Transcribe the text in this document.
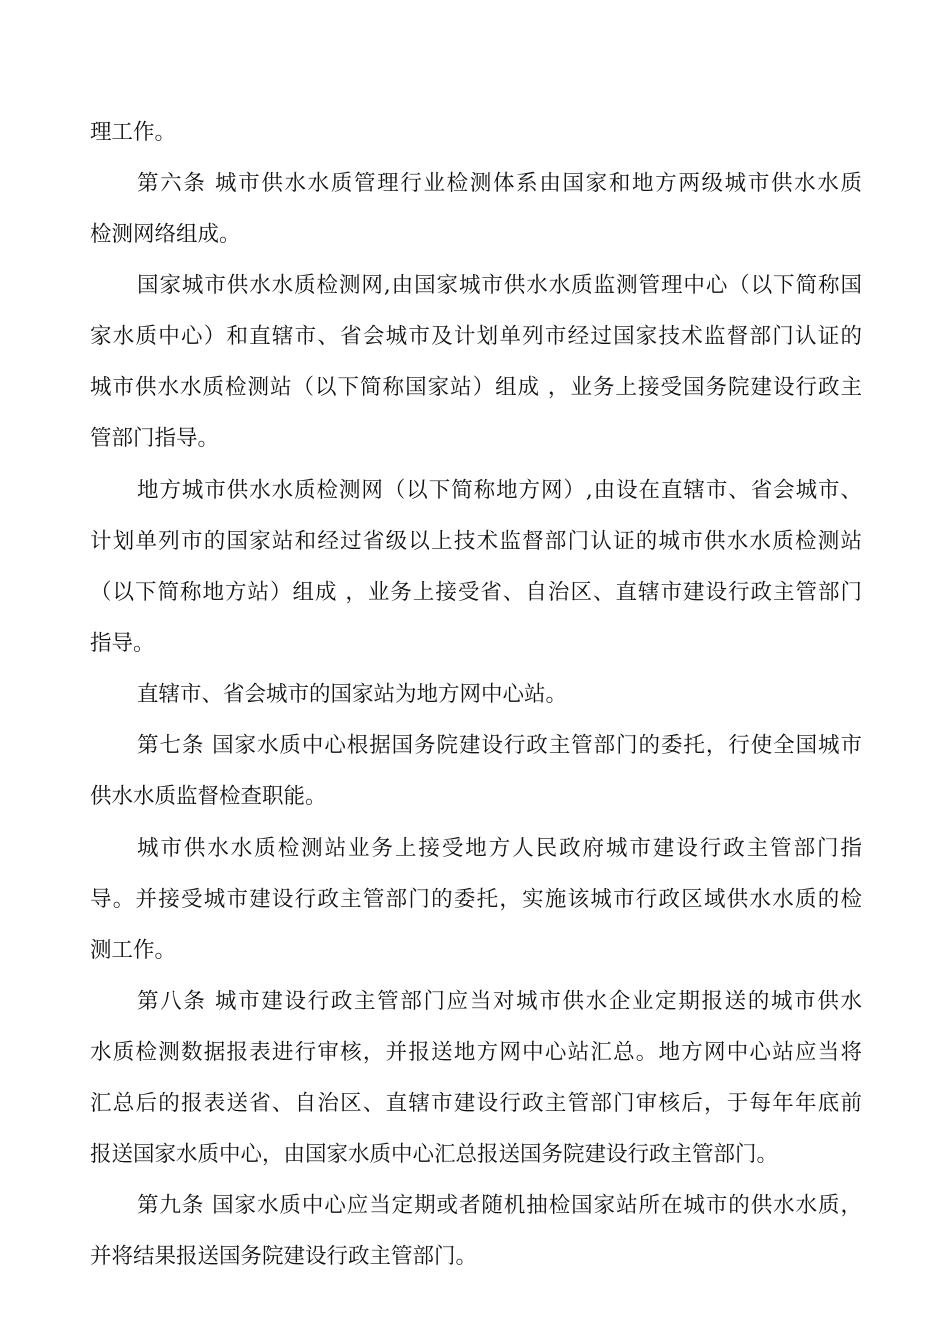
理工作。

第六条 城市供水水质管理行业检测体系由国家和地方两级城市供水水质

检测网络组成。

国家城市供水水质检测网,由国家城市供水水质监测管理中心（以下简称国

家水质中心）和直辖市、省会城市及计划单列市经过国家技术监督部门认证的

城市供水水质检测站（以下简称国家站）组成 ，业务上接受国务院建设行政主

管部门指导。

地方城市供水水质检测网（以下简称地方网）,由设在直辖市、省会城市、

计划单列市的国家站和经过省级以上技术监督部门认证的城市供水水质检测站

（以下简称地方站）组成 ，业务上接受省、自治区、直辖市建设行政主管部门

指导。

直辖市、省会城市的国家站为地方网中心站。

第七条 国家水质中心根据国务院建设行政主管部门的委托，行使全国城市

供水水质监督检查职能。

城市供水水质检测站业务上接受地方人民政府城市建设行政主管部门指

导。并接受城市建设行政主管部门的委托，实施该城市行政区域供水水质的检

测工作。

第八条 城市建设行政主管部门应当对城市供水企业定期报送的城市供水

水质检测数据报表进行审核，并报送地方网中心站汇总。地方网中心站应当将

汇总后的报表送省、自治区、直辖市建设行政主管部门审核后，于每年年底前

报送国家水质中心，由国家水质中心汇总报送国务院建设行政主管部门。

第九条 国家水质中心应当定期或者随机抽检国家站所在城市的供水水质，

并将结果报送国务院建设行政主管部门。
